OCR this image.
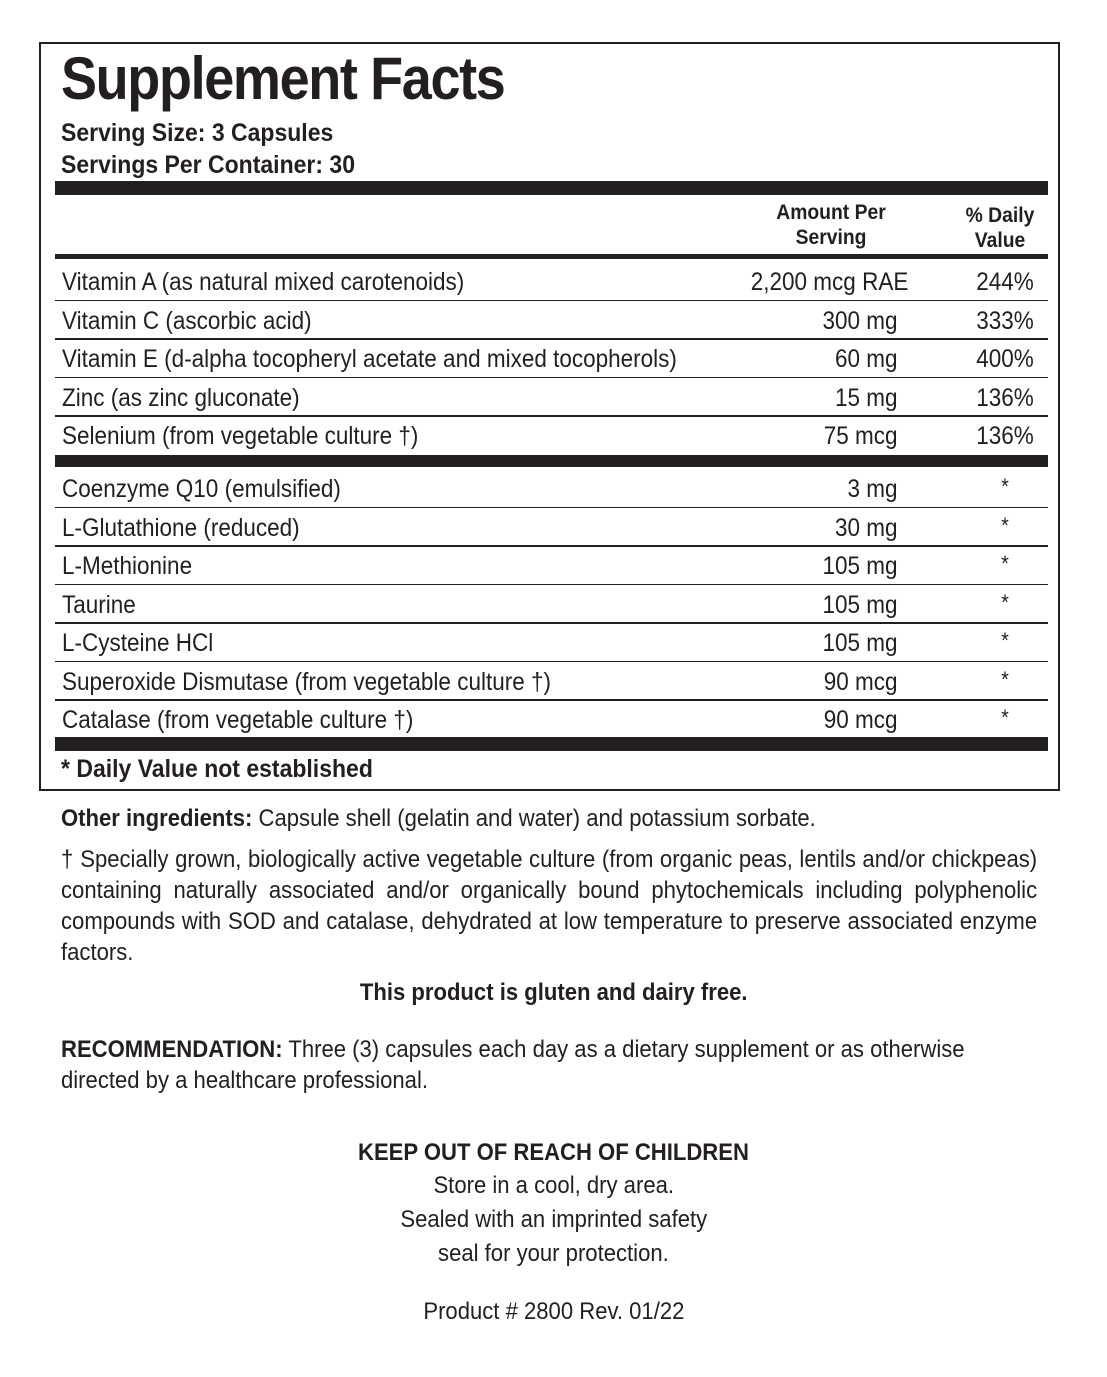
Supplement Facts
Serving Size: 3 Capsules
Servings Per Container: 30
Amount Per
Serving
% Daily
Value
Vitamin A (as natural mixed carotenoids)	2,200 mcg RAE	244%
Vitamin C (ascorbic acid)	300 mg	333%
Vitamin E (d-alpha tocopheryl acetate and mixed tocopherols)	60 mg	400%
Zinc (as zinc gluconate)	15 mg	136%
Selenium (from vegetable culture †)	75 mcg	136%
Coenzyme Q10 (emulsified)	3 mg	*
L-Glutathione (reduced)	30 mg	*
L-Methionine	105 mg	*
Taurine	105 mg	*
L-Cysteine HCl	105 mg	*
Superoxide Dismutase (from vegetable culture †)	90 mcg	*
Catalase (from vegetable culture †)	90 mcg	*
* Daily Value not established
Other ingredients: Capsule shell (gelatin and water) and potassium sorbate.
† Specially grown, biologically active vegetable culture (from organic peas, lentils and/or chickpeas) containing naturally associated and/or organically bound phytochemicals including polyphenolic compounds with SOD and catalase, dehydrated at low temperature to preserve associated enzyme factors.
This product is gluten and dairy free.
RECOMMENDATION: Three (3) capsules each day as a dietary supplement or as otherwise directed by a healthcare professional.
KEEP OUT OF REACH OF CHILDREN
Store in a cool, dry area.
Sealed with an imprinted safety
seal for your protection.
Product # 2800 Rev. 01/22
